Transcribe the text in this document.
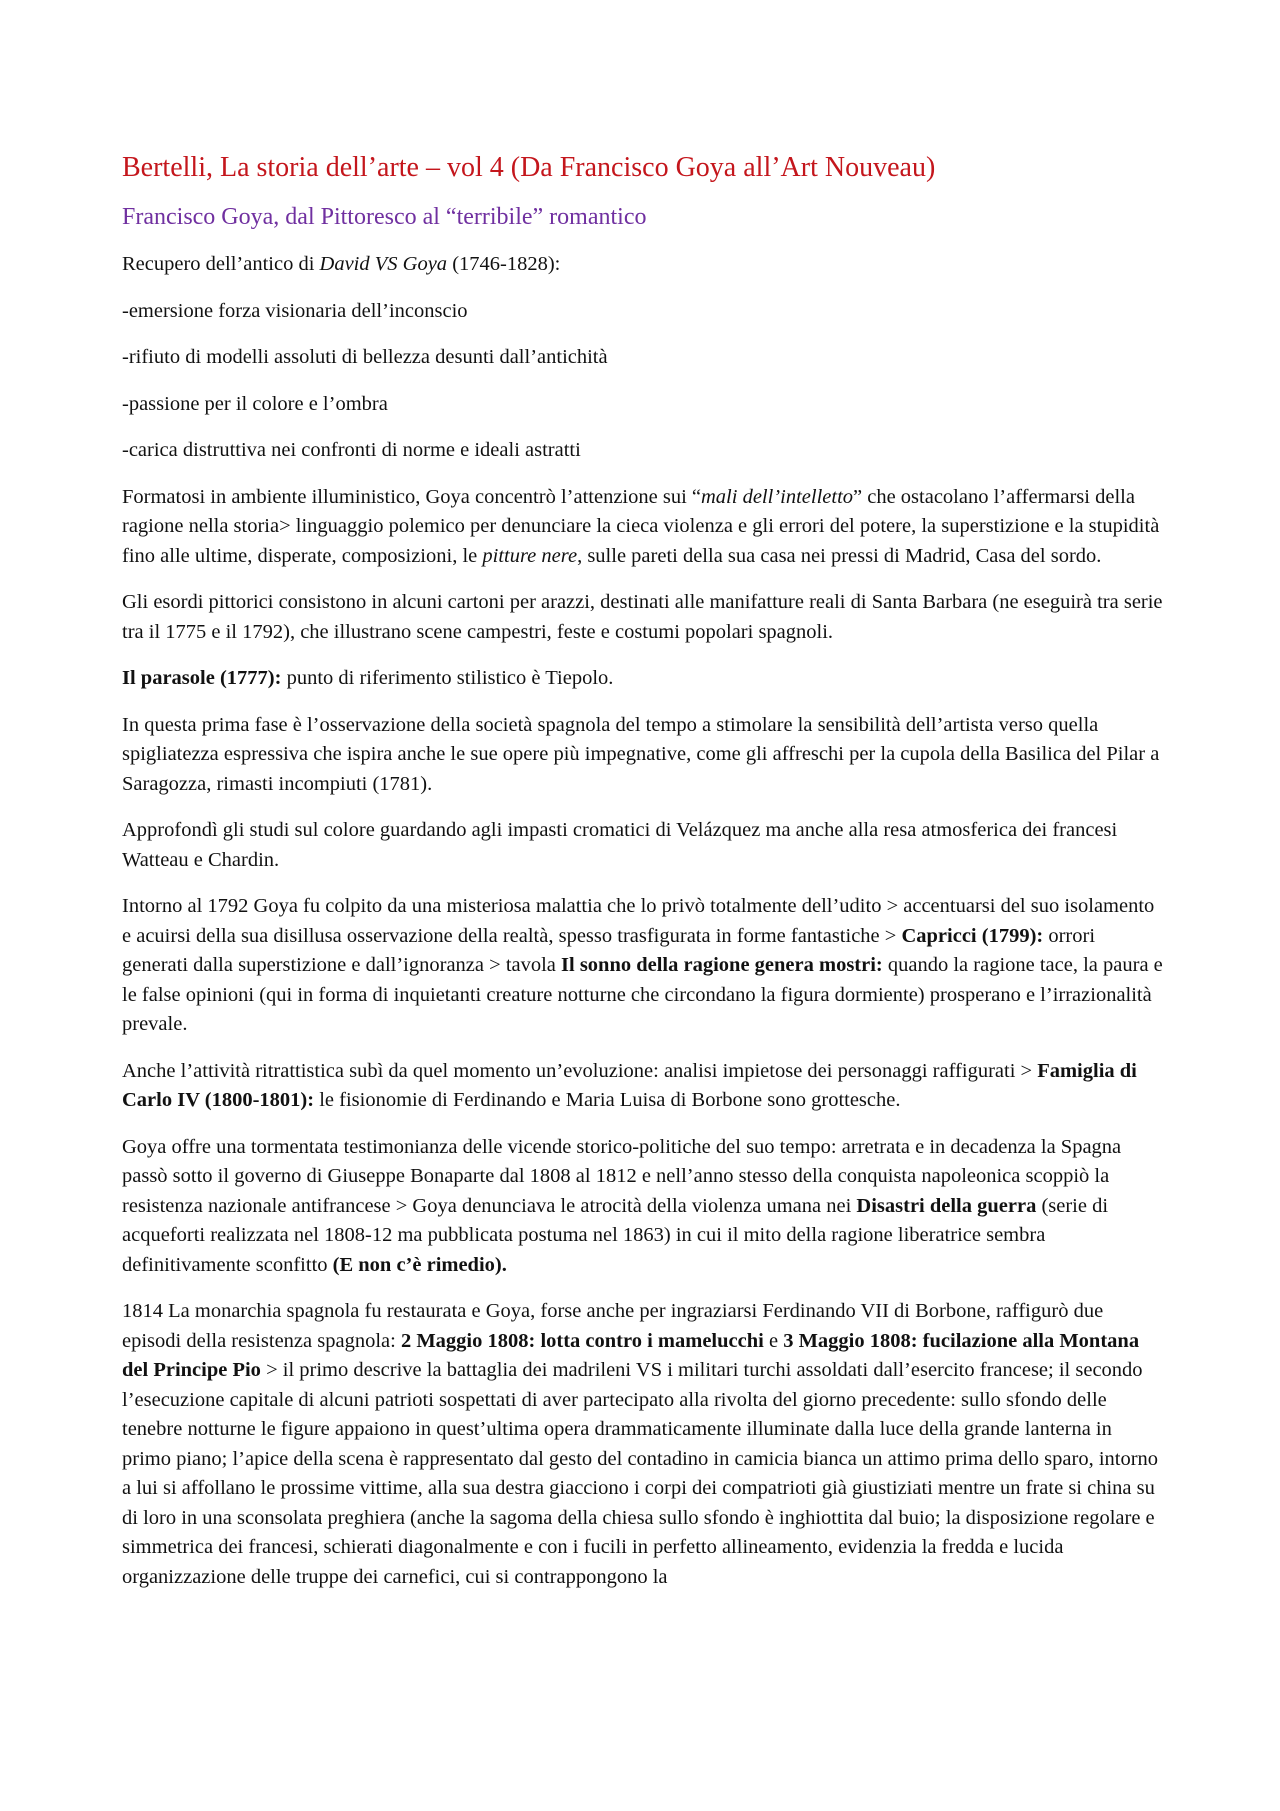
Bertelli, La storia dell’arte – vol 4 (Da Francisco Goya all’Art Nouveau)
Francisco Goya, dal Pittoresco al “terribile” romantico

Recupero dell’antico di David VS Goya (1746-1828):

-emersione forza visionaria dell’inconscio

-rifiuto di modelli assoluti di bellezza desunti dall’antichità

-passione per il colore e l’ombra

-carica distruttiva nei confronti di norme e ideali astratti

Formatosi in ambiente illuministico, Goya concentrò l’attenzione sui “mali dell’intelletto” che ostacolano l’affermarsi della ragione nella storia> linguaggio polemico per denunciare la cieca violenza e gli errori del potere, la superstizione e la stupidità fino alle ultime, disperate, composizioni, le pitture nere, sulle pareti della sua casa nei pressi di Madrid, Casa del sordo.

Gli esordi pittorici consistono in alcuni cartoni per arazzi, destinati alle manifatture reali di Santa Barbara (ne eseguirà tra serie tra il 1775 e il 1792), che illustrano scene campestri, feste e costumi popolari spagnoli.

Il parasole (1777): punto di riferimento stilistico è Tiepolo.

In questa prima fase è l’osservazione della società spagnola del tempo a stimolare la sensibilità dell’artista verso quella spigliatezza espressiva che ispira anche le sue opere più impegnative, come gli affreschi per la cupola della Basilica del Pilar a Saragozza, rimasti incompiuti (1781).

Approfondì gli studi sul colore guardando agli impasti cromatici di Velázquez ma anche alla resa atmosferica dei francesi Watteau e Chardin.

Intorno al 1792 Goya fu colpito da una misteriosa malattia che lo privò totalmente dell’udito > accentuarsi del suo isolamento e acuirsi della sua disillusa osservazione della realtà, spesso trasfigurata in forme fantastiche > Capricci (1799): orrori generati dalla superstizione e dall’ignoranza > tavola Il sonno della ragione genera mostri: quando la ragione tace, la paura e le false opinioni (qui in forma di inquietanti creature notturne che circondano la figura dormiente) prosperano e l’irrazionalità prevale.

Anche l’attività ritrattistica subì da quel momento un’evoluzione: analisi impietose dei personaggi raffigurati > Famiglia di Carlo IV (1800-1801): le fisionomie di Ferdinando e Maria Luisa di Borbone sono grottesche.

Goya offre una tormentata testimonianza delle vicende storico-politiche del suo tempo: arretrata e in decadenza la Spagna passò sotto il governo di Giuseppe Bonaparte dal 1808 al 1812 e nell’anno stesso della conquista napoleonica scoppiò la resistenza nazionale antifrancese > Goya denunciava le atrocità della violenza umana nei Disastri della guerra (serie di acqueforti realizzata nel 1808-12 ma pubblicata postuma nel 1863) in cui il mito della ragione liberatrice sembra definitivamente sconfitto (E non c’è rimedio).

1814 La monarchia spagnola fu restaurata e Goya, forse anche per ingraziarsi Ferdinando VII di Borbone, raffigurò due episodi della resistenza spagnola: 2 Maggio 1808: lotta contro i mamelucchi e 3 Maggio 1808: fucilazione alla Montana del Principe Pio > il primo descrive la battaglia dei madrileni VS i militari turchi assoldati dall’esercito francese; il secondo l’esecuzione capitale di alcuni patrioti sospettati di aver partecipato alla rivolta del giorno precedente: sullo sfondo delle tenebre notturne le figure appaiono in quest’ultima opera drammaticamente illuminate dalla luce della grande lanterna in primo piano; l’apice della scena è rappresentato dal gesto del contadino in camicia bianca un attimo prima dello sparo, intorno a lui si affollano le prossime vittime, alla sua destra giacciono i corpi dei compatrioti già giustiziati mentre un frate si china su di loro in una sconsolata preghiera (anche la sagoma della chiesa sullo sfondo è inghiottita dal buio; la disposizione regolare e simmetrica dei francesi, schierati diagonalmente e con i fucili in perfetto allineamento, evidenzia la fredda e lucida organizzazione delle truppe dei carnefici, cui si contrappongono la
